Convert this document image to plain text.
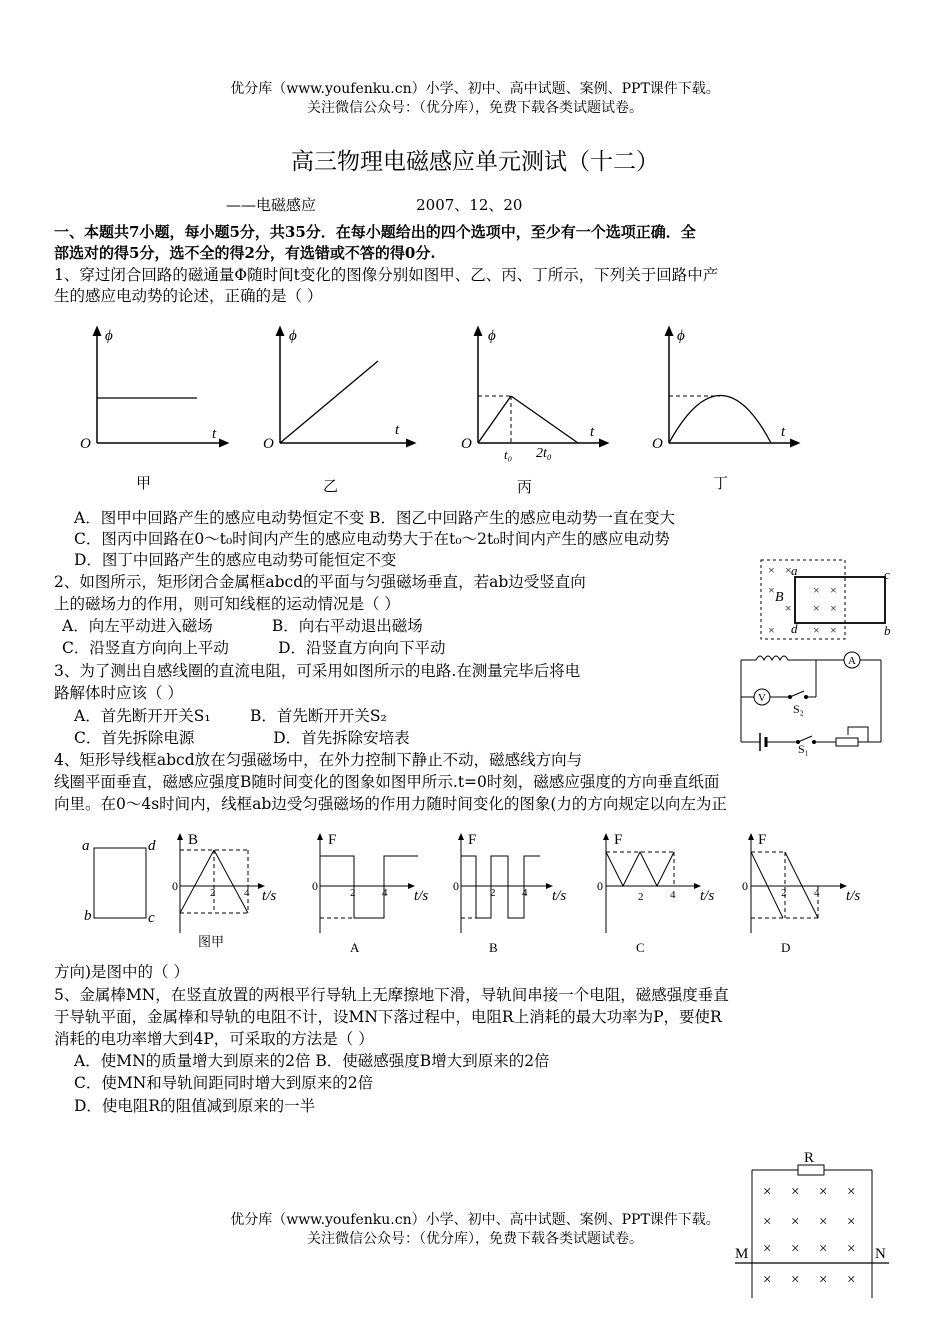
优分库（www.youfenku.cn）小学、初中、高中试题、案例、PPT课件下载。
关注微信公众号：（优分库），免费下载各类试题试卷。
高三物理电磁感应单元测试（十二）
——电磁感应                     2007、12、20
一、本题共7小题，每小题5分，共35分．在每小题给出的四个选项中，至少有一个选项正确．全
部选对的得5分，选不全的得2分，有选错或不答的得0分.
1、穿过闭合回路的磁通量Φ随时间t变化的图像分别如图甲、乙、丙、丁所示，下列关于回路中产
生的感应电动势的论述，正确的是（ ）
ϕ
O
t
甲
ϕ
O
t
乙
ϕ
O
t
t₀ 2t₀
丙
ϕ
O
t
丁
A．图甲中回路产生的感应电动势恒定不变 B．图乙中回路产生的感应电动势一直在变大
C．图丙中回路在0～t₀时间内产生的感应电动势大于在t₀～2t₀时间内产生的感应电动势
D．图丁中回路产生的感应电动势可能恒定不变
2、如图所示，矩形闭合金属框abcd的平面与匀强磁场垂直，若ab边受竖直向
上的磁场力的作用，则可知线框的运动情况是（ ）
A．向左平动进入磁场            B．向右平动退出磁场
C．沿竖直方向向上平动          D．沿竖直方向向下平动
× ×
×	× ×
× × ×
×	× ×
B
a	c
d	b
3、为了测出自感线圈的直流电阻，可采用如图所示的电路.在测量完毕后将电
路解体时应该（ ）
A．首先断开开关S₁        B．首先断开开关S₂
C．首先拆除电源                D．首先拆除安培表
A
V
S₂
S₁
4、矩形导线框abcd放在匀强磁场中，在外力控制下静止不动，磁感线方向与
线圈平面垂直，磁感应强度B随时间变化的图象如图甲所示.t=0时刻，磁感应强度的方向垂直纸面
向里。在0～4s时间内，线框ab边受匀强磁场的作用力随时间变化的图象(力的方向规定以向左为正
a	d
b	c
B
0	2	4 t/s
图甲
F
0	2 4 t/s
A
F
0	2 4 t/s
B
F
0
2 4 t/s
C
F
0	2	4 t/s
D
方向)是图中的（ ）
5、金属棒MN，在竖直放置的两根平行导轨上无摩擦地下滑，导轨间串接一个电阻，磁感强度垂直
于导轨平面，金属棒和导轨的电阻不计，设MN下落过程中，电阻R上消耗的最大功率为P，要使R
消耗的电功率增大到4P，可采取的方法是（ ）
A．使MN的质量增大到原来的2倍 B．使磁感强度B增大到原来的2倍
C．使MN和导轨间距同时增大到原来的2倍
D．使电阻R的阻值减到原来的一半
R
M	N
× × × ×
× × × ×
× × × ×
× × × ×
优分库（www.youfenku.cn）小学、初中、高中试题、案例、PPT课件下载。
关注微信公众号：（优分库），免费下载各类试题试卷。
